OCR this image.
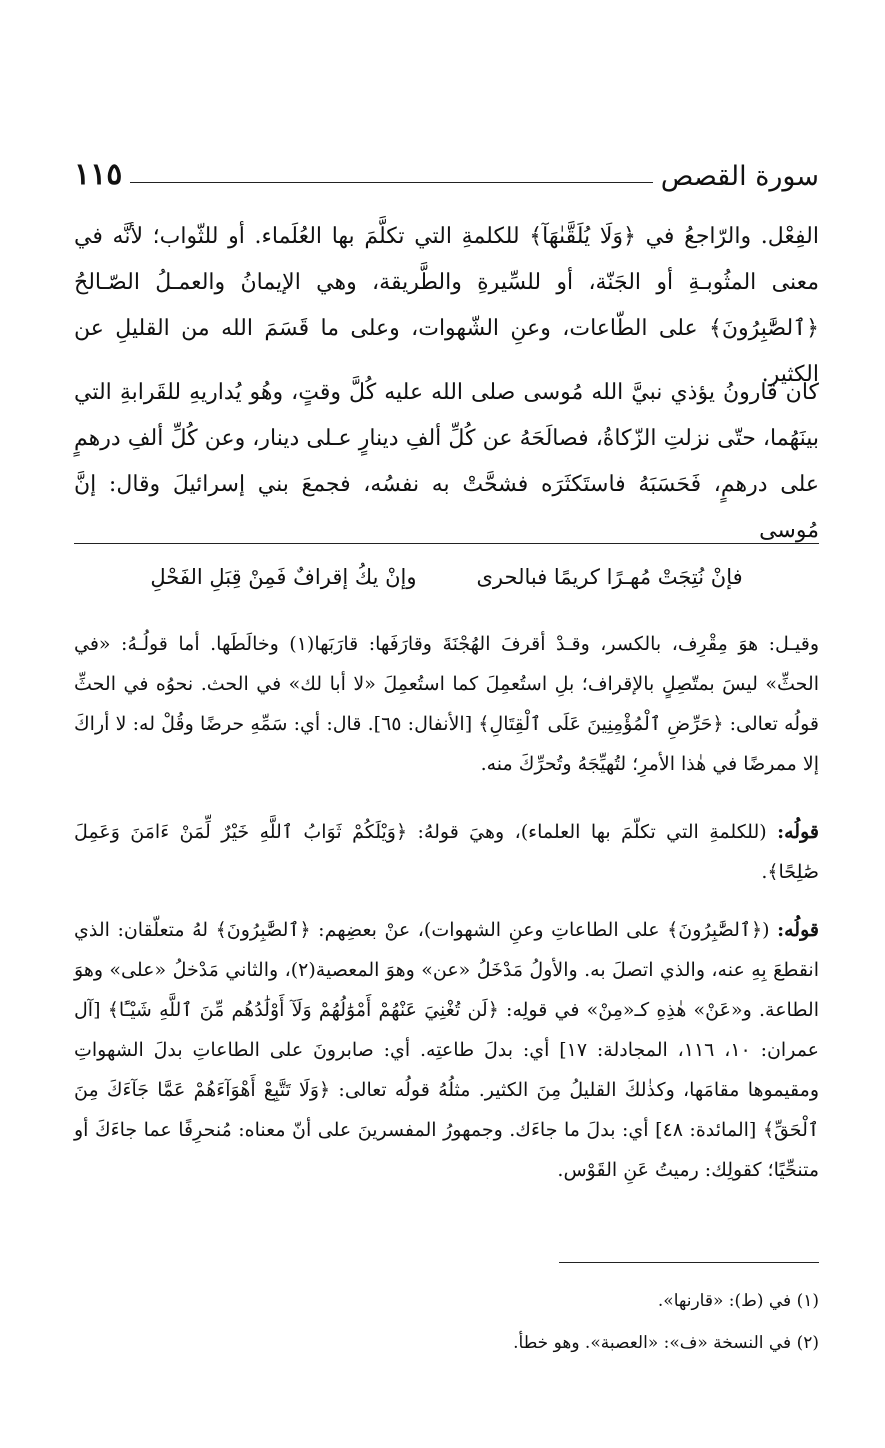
سورة القصص
١١٥
الفِعْل. والرّاجعُ في ﴿وَلَا يُلَقَّىٰهَآ﴾ للكلمةِ التي تكلَّمَ بها العُلَماء. أو للثّواب؛ لأنَّه في معنى المثُوبـةِ أو الجَنّة، أو للسِّيرةِ والطَّريقة، وهي الإيمانُ والعمـلُ الصّـالحُ ﴿ٱلصَّٰبِرُونَ﴾ على الطّاعات، وعنِ الشّهوات، وعلى ما قَسَمَ الله من القليلِ عن الكثير.
كان قارونُ يؤذي نبيَّ الله مُوسى صلى الله عليه كُلَّ وقتٍ، وهُو يُداريهِ للقَرابةِ التي بينَهُما، حتّى نزلتِ الزّكاةُ، فصالَحَهُ عن كُلِّ ألفِ دينارٍ عـلى دينار، وعن كُلِّ ألفِ درهمٍ على درهمٍ، فَحَسَبَهُ فاستَكثَرَه فشحَّتْ به نفسُه، فجمعَ بني إسرائيلَ وقال: إنَّ مُوسى
فإنْ نُتِجَتْ مُهـرًا كريمًا فبالحرى
وإنْ يكُ إقرافٌ فَمِنْ قِبَلِ الفَحْلِ
وقيـل: هوَ مِقْرِف، بالكسر، وقـدْ أقرفَ الهُجْنَةَ وقارَفَها: قارَبَها(١) وخالَطَها. أما قولُـهُ: «في الحثِّ» ليسَ بمتّصِلٍ بالإقراف؛ بلِ استُعمِلَ كما استُعمِلَ «لا أبا لك» في الحث. نحوُه في الحثِّ قولُه تعالى: ﴿حَرِّضِ ٱلْمُؤْمِنِينَ عَلَى ٱلْقِتَالِ﴾ [الأنفال: ٦٥]. قال: أي: سَمِّهِ حرضًا وقُلْ له: لا أراكَ إلا ممرضًا في هٰذا الأمرِ؛ لتُهيِّجَهُ وتُحرِّكَ منه.
قولُه: (للكلمةِ التي تكلّمَ بها العلماء)، وهيَ قولهُ: ﴿وَيْلَكُمْ ثَوَابُ ٱللَّهِ خَيْرٌ لِّمَنْ ءَامَنَ وَعَمِلَ صَٰلِحًا﴾.
قولُه: (﴿ٱلصَّٰبِرُونَ﴾ على الطاعاتِ وعنِ الشهوات)، عنْ بعضِهم: ﴿ٱلصَّٰبِرُونَ﴾ لهُ متعلّقان: الذي انقطعَ بِهِ عنه، والذي اتصلَ به. والأولُ مَدْخَلُ «عن» وهوَ المعصية(٢)، والثاني مَدْخلُ «على» وهوَ الطاعة. و«عَنْ» هٰذِهِ كـ«مِنْ» في قولِه: ﴿لَن تُغْنِيَ عَنْهُمْ أَمْوَٰلُهُمْ وَلَآ أَوْلَٰدُهُم مِّنَ ٱللَّهِ شَيْـًٔا﴾ [آل عمران: ١٠، ١١٦، المجادلة: ١٧] أي: بدلَ طاعتِه. أي: صابرونَ على الطاعاتِ بدلَ الشهواتِ ومقيموها مقامَها، وكذٰلكَ القليلُ مِنَ الكثير. مثلُهُ قولُه تعالى: ﴿وَلَا تَتَّبِعْ أَهْوَآءَهُمْ عَمَّا جَآءَكَ مِنَ ٱلْحَقِّ﴾ [المائدة: ٤٨] أي: بدلَ ما جاءَك. وجمهورُ المفسرينَ على أنّ معناه: مُنحرِفًا عما جاءَكَ أو متنحِّيًا؛ كقولِك: رميتُ عَنِ القَوْس.
(١) في (ط): «قارنها».
(٢) في النسخة «ف»: «العصبة». وهو خطأ.
